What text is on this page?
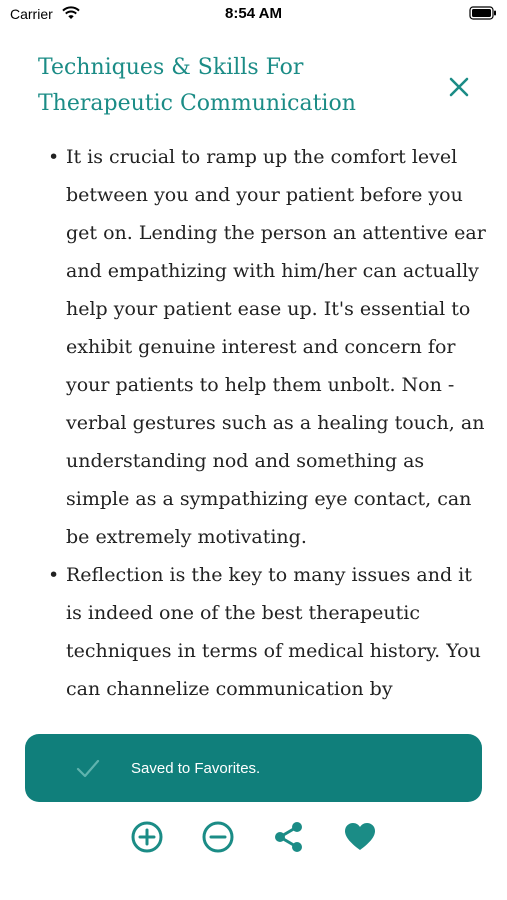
Carrier	8:54 AM
Techniques & Skills For Therapeutic Communication
• It is crucial to ramp up the comfort level between you and your patient before you get on. Lending the person an attentive ear and empathizing with him/her can actually help your patient ease up. It's essential to exhibit genuine interest and concern for your patients to help them unbolt. Non - verbal gestures such as a healing touch, an understanding nod and something as simple as a sympathizing eye contact, can be extremely motivating.
• Reflection is the key to many issues and it is indeed one of the best therapeutic techniques in terms of medical history. You can channelize communication by
Saved to Favorites.
